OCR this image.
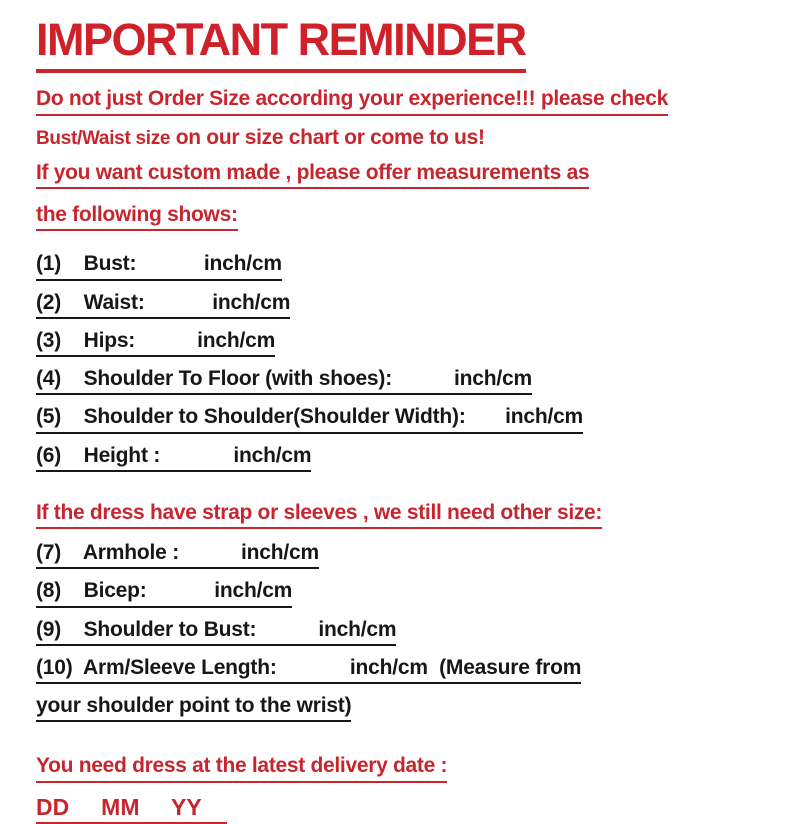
IMPORTANT REMINDER
Do not just Order Size according your experience!!! please check
Bust/Waist size on our size chart or come to us!
If you want custom made , please offer measurements as
the following shows:
(1)    Bust:            inch/cm
(2)    Waist:            inch/cm
(3)    Hips:           inch/cm
(4)    Shoulder To Floor (with shoes):           inch/cm
(5)    Shoulder to Shoulder(Shoulder Width):       inch/cm
(6)    Height :             inch/cm
If the dress have strap or sleeves , we still need other size:
(7)    Armhole :           inch/cm
(8)    Bicep:            inch/cm
(9)    Shoulder to Bust:           inch/cm
(10)  Arm/Sleeve Length:             inch/cm  (Measure from
your shoulder point to the wrist)
You need dress at the latest delivery date :
DD     MM     YY
